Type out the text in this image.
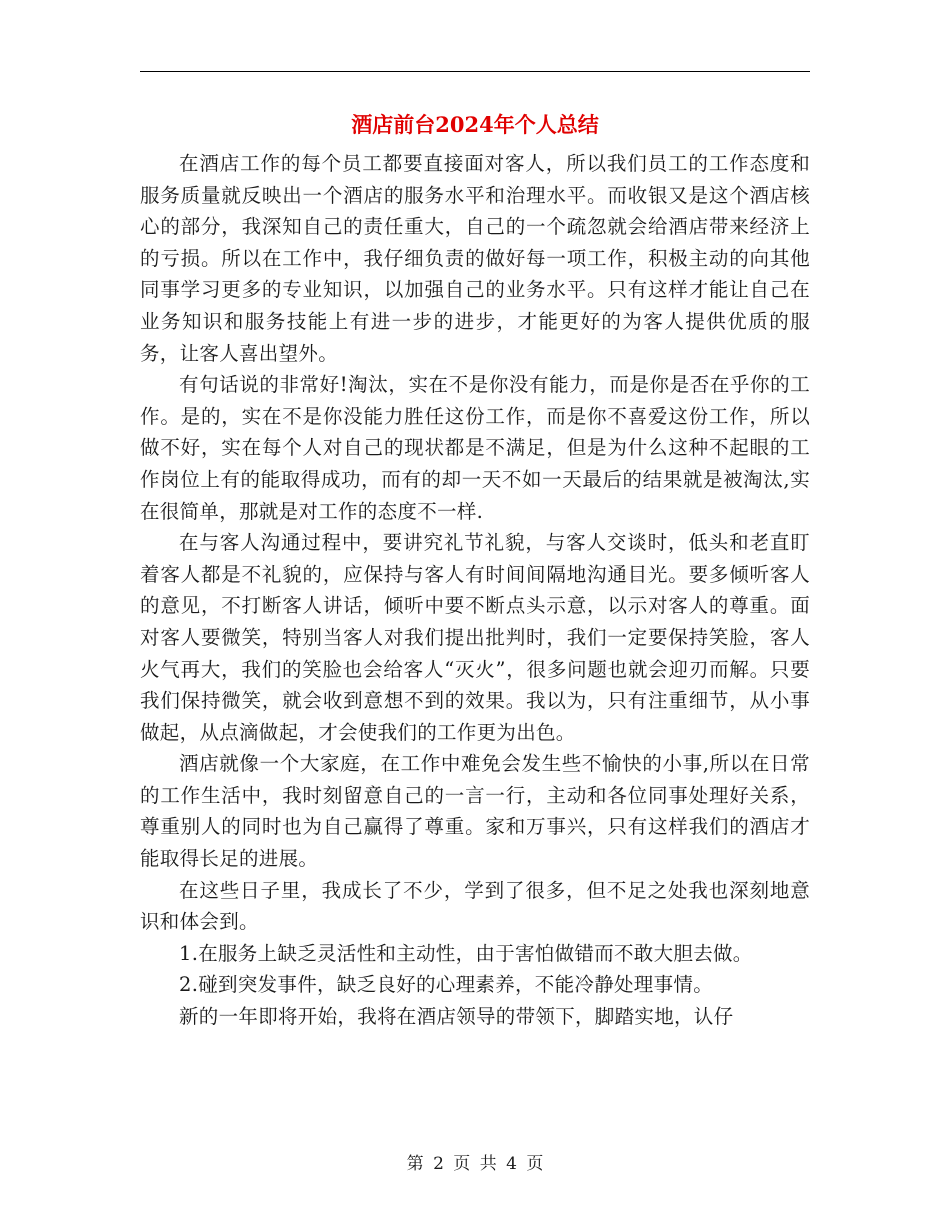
酒店前台2024年个人总结

在酒店工作的每个员工都要直接面对客人，所以我们员工的工作态度和服务质量就反映出一个酒店的服务水平和治理水平。而收银又是这个酒店核心的部分，我深知自己的责任重大，自己的一个疏忽就会给酒店带来经济上的亏损。所以在工作中，我仔细负责的做好每一项工作，积极主动的向其他同事学习更多的专业知识，以加强自己的业务水平。只有这样才能让自己在业务知识和服务技能上有进一步的进步，才能更好的为客人提供优质的服务，让客人喜出望外。

有句话说的非常好!淘汰，实在不是你没有能力，而是你是否在乎你的工作。是的，实在不是你没能力胜任这份工作，而是你不喜爱这份工作，所以做不好，实在每个人对自己的现状都是不满足，但是为什么这种不起眼的工作岗位上有的能取得成功，而有的却一天不如一天最后的结果就是被淘汰,实在很简单，那就是对工作的态度不一样.

在与客人沟通过程中，要讲究礼节礼貌，与客人交谈时，低头和老直盯着客人都是不礼貌的，应保持与客人有时间间隔地沟通目光。要多倾听客人的意见，不打断客人讲话，倾听中要不断点头示意，以示对客人的尊重。面对客人要微笑，特别当客人对我们提出批判时，我们一定要保持笑脸，客人火气再大，我们的笑脸也会给客人“灭火”，很多问题也就会迎刃而解。只要我们保持微笑，就会收到意想不到的效果。我以为，只有注重细节，从小事做起，从点滴做起，才会使我们的工作更为出色。

酒店就像一个大家庭，在工作中难免会发生些不愉快的小事,所以在日常的工作生活中，我时刻留意自己的一言一行，主动和各位同事处理好关系，尊重别人的同时也为自己赢得了尊重。家和万事兴，只有这样我们的酒店才能取得长足的进展。

在这些日子里，我成长了不少，学到了很多，但不足之处我也深刻地意识和体会到。

1.在服务上缺乏灵活性和主动性，由于害怕做错而不敢大胆去做。

2.碰到突发事件，缺乏良好的心理素养，不能冷静处理事情。

新的一年即将开始，我将在酒店领导的带领下，脚踏实地，认仔

第 2 页 共 4 页
